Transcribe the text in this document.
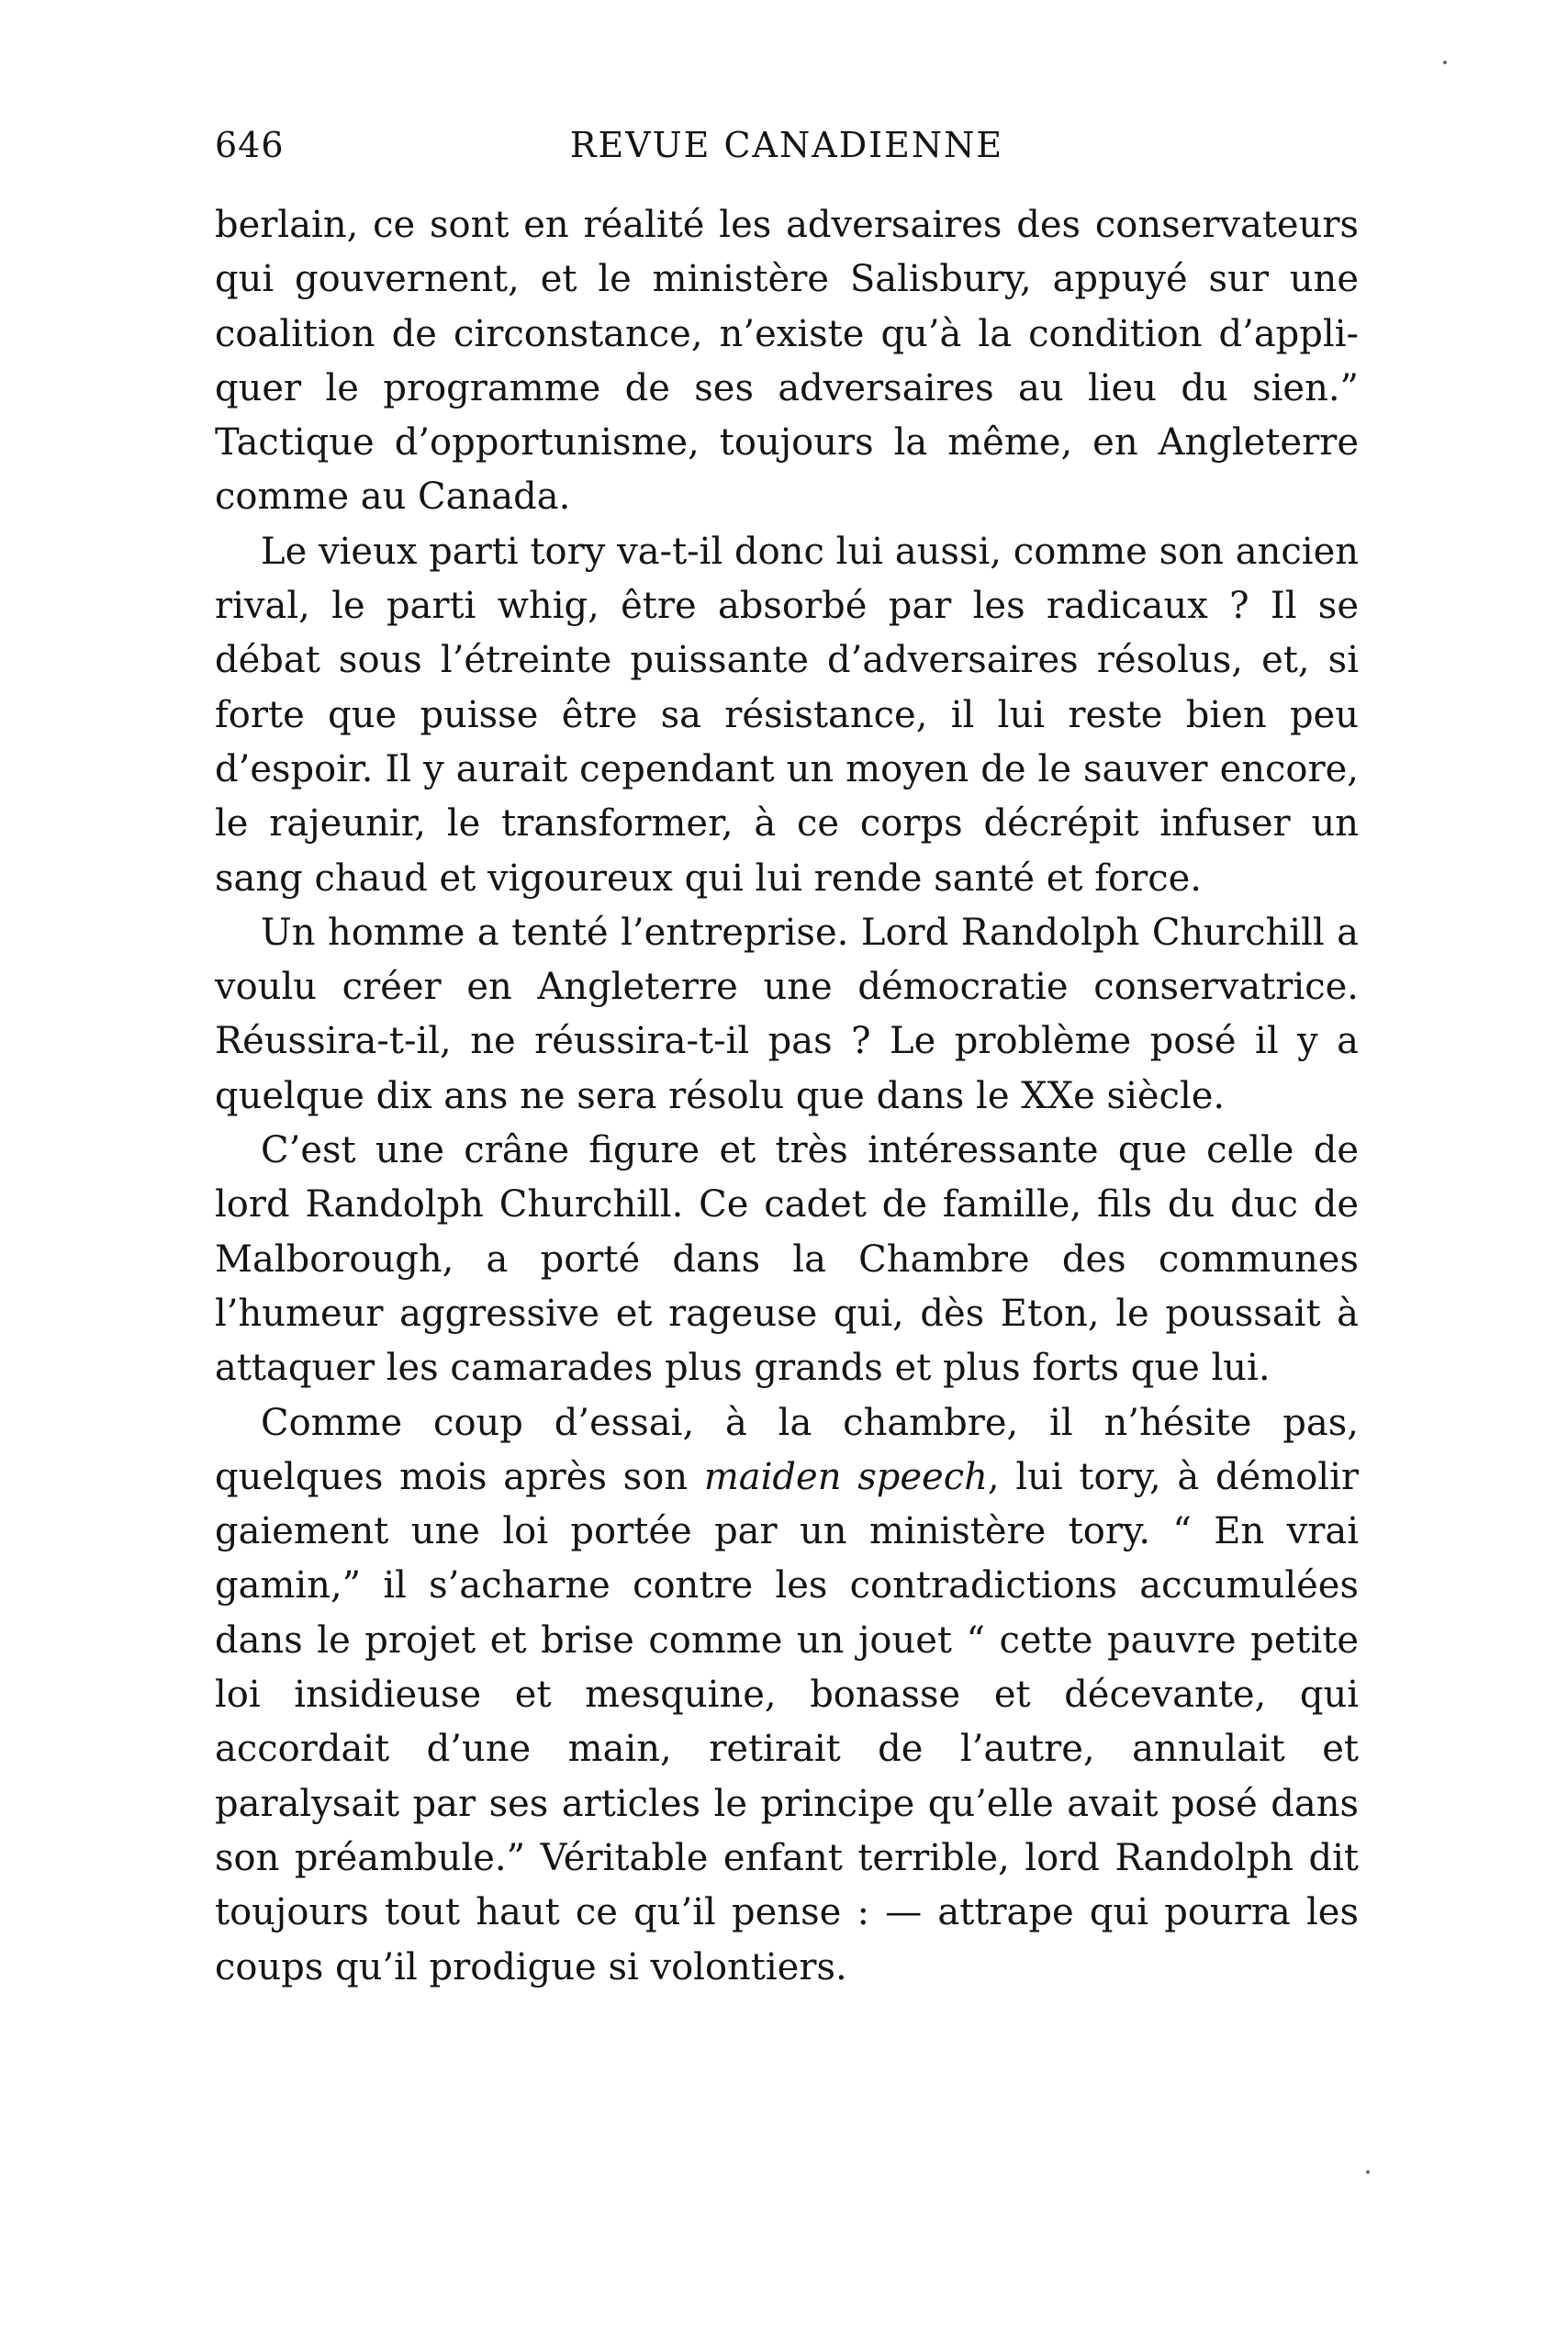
646	REVUE CANADIENNE

berlain, ce sont en réalité les adversaires des conservateurs qui gouvernent, et le ministère Salisbury, appuyé sur une coalition de circonstance, n’existe qu’à la condition d’appliquer le programme de ses adversaires au lieu du sien.” Tactique d’opportunisme, toujours la même, en Angleterre comme au Canada.

Le vieux parti tory va-t-il donc lui aussi, comme son ancien rival, le parti whig, être absorbé par les radicaux ? Il se débat sous l’étreinte puissante d’adversaires résolus, et, si forte que puisse être sa résistance, il lui reste bien peu d’espoir. Il y aurait cependant un moyen de le sauver encore, le rajeunir, le transformer, à ce corps décrépit infuser un sang chaud et vigoureux qui lui rende santé et force.

Un homme a tenté l’entreprise. Lord Randolph Churchill a voulu créer en Angleterre une démocratie conservatrice. Réussira-t-il, ne réussira-t-il pas ? Le problème posé il y a quelque dix ans ne sera résolu que dans le XXe siècle.

C’est une crâne figure et très intéressante que celle de lord Randolph Churchill. Ce cadet de famille, fils du duc de Malborough, a porté dans la Chambre des communes l’humeur aggressive et rageuse qui, dès Eton, le poussait à attaquer les camarades plus grands et plus forts que lui.

Comme coup d’essai, à la chambre, il n’hésite pas, quelques mois après son maiden speech, lui tory, à démolir gaiement une loi portée par un ministère tory. “ En vrai gamin,” il s’acharne contre les contradictions accumulées dans le projet et brise comme un jouet “ cette pauvre petite loi insidieuse et mesquine, bonasse et décevante, qui accordait d’une main, retirait de l’autre, annulait et paralysait par ses articles le principe qu’elle avait posé dans son préambule.” Véritable enfant terrible, lord Randolph dit toujours tout haut ce qu’il pense : — attrape qui pourra les coups qu’il prodigue si volontiers.
